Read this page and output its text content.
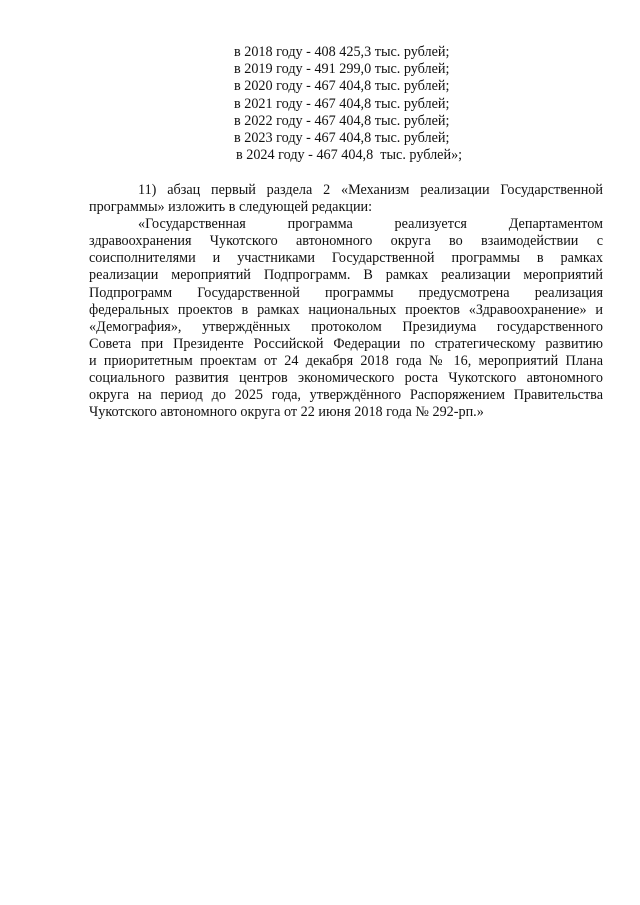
в 2018 году - 408 425,3 тыс. рублей;
в 2019 году - 491 299,0 тыс. рублей;
в 2020 году - 467 404,8 тыс. рублей;
в 2021 году - 467 404,8 тыс. рублей;
в 2022 году - 467 404,8 тыс. рублей;
в 2023 году - 467 404,8 тыс. рублей;
в 2024 году - 467 404,8  тыс. рублей»;
11) абзац первый раздела 2 «Механизм реализации Государственной
программы» изложить в следующей редакции:
«Государственная программа реализуется Департаментом
здравоохранения Чукотского автономного округа во взаимодействии с
соисполнителями и участниками Государственной программы в рамках
реализации мероприятий Подпрограмм. В рамках реализации мероприятий
Подпрограмм Государственной программы предусмотрена реализация
федеральных проектов в рамках национальных проектов «Здравоохранение» и
«Демография», утверждённых протоколом Президиума государственного
Совета при Президенте Российской Федерации по стратегическому развитию
и приоритетным проектам от 24 декабря 2018 года № 16, мероприятий Плана
социального развития центров экономического роста Чукотского автономного
округа на период до 2025 года, утверждённого Распоряжением Правительства
Чукотского автономного округа от 22 июня 2018 года № 292-рп.»
